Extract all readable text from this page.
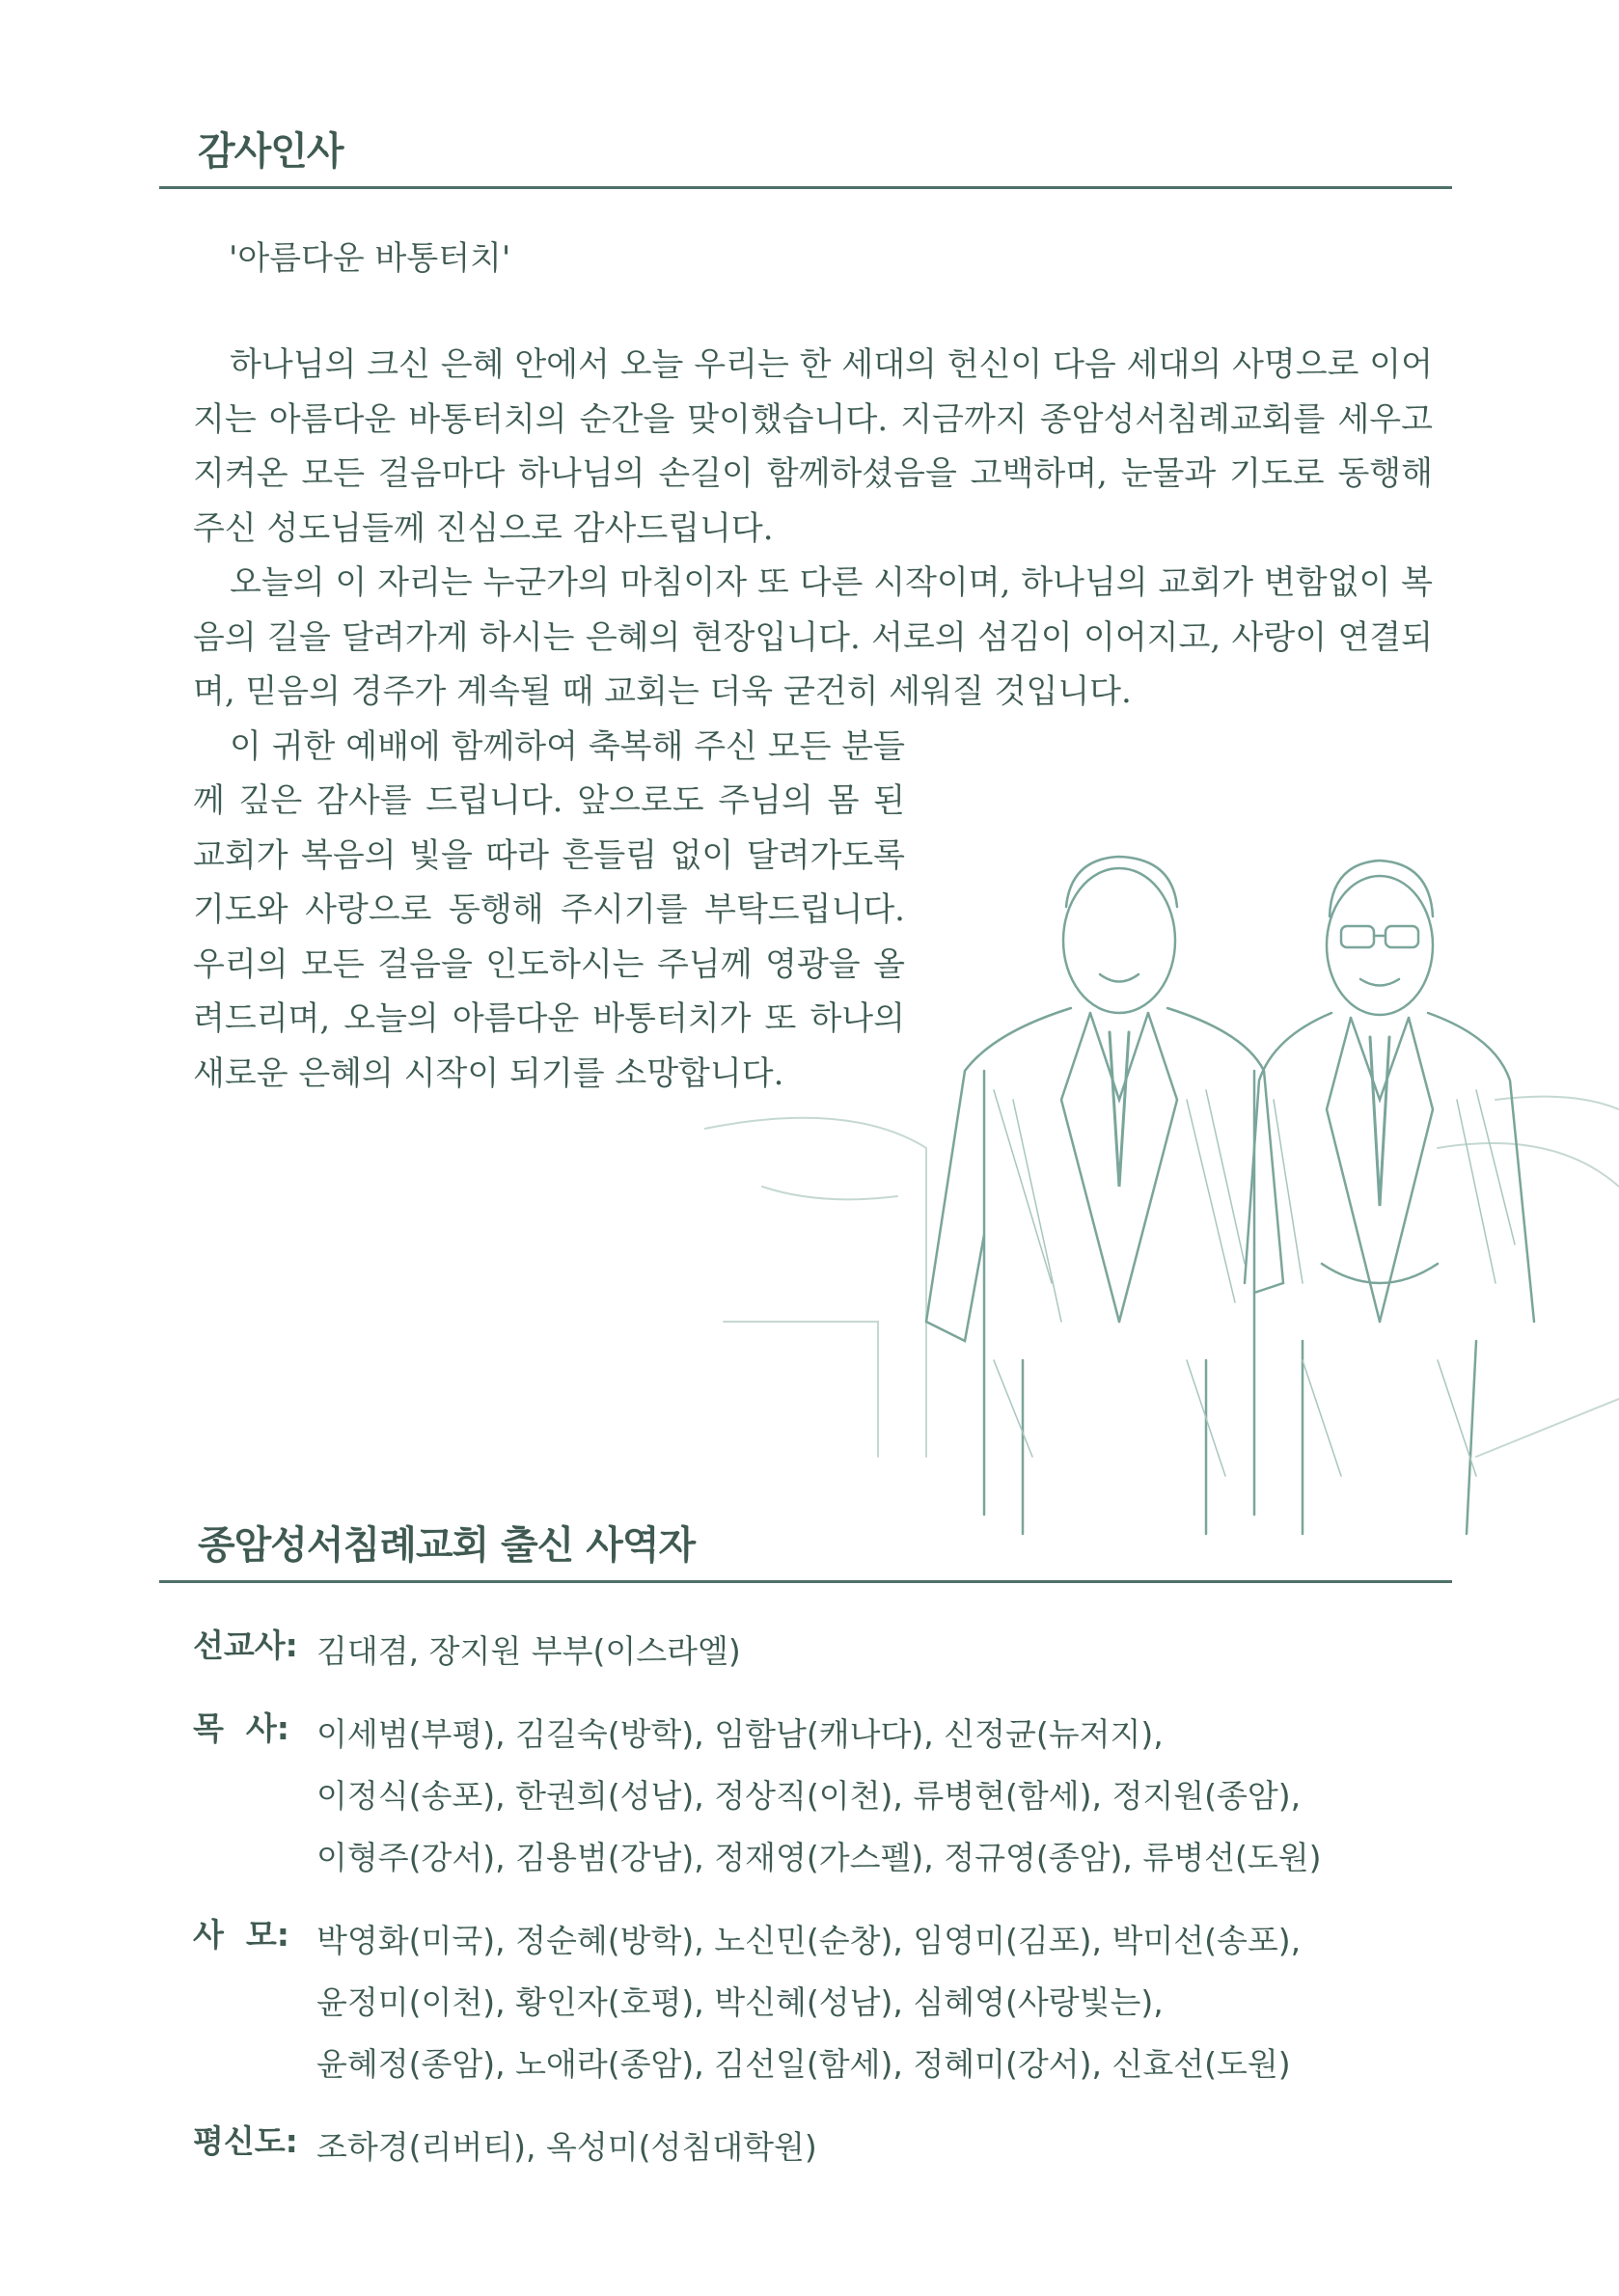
감사인사
'아름다운 바통터치'

하나님의 크신 은혜 안에서 오늘 우리는 한 세대의 헌신이 다음 세대의 사명으로 이어지는 아름다운 바통터치의 순간을 맞이했습니다. 지금까지 종암성서침례교회를 세우고 지켜온 모든 걸음마다 하나님의 손길이 함께하셨음을 고백하며, 눈물과 기도로 동행해 주신 성도님들께 진심으로 감사드립니다.

오늘의 이 자리는 누군가의 마침이자 또 다른 시작이며, 하나님의 교회가 변함없이 복음의 길을 달려가게 하시는 은혜의 현장입니다. 서로의 섬김이 이어지고, 사랑이 연결되며, 믿음의 경주가 계속될 때 교회는 더욱 굳건히 세워질 것입니다.

이 귀한 예배에 함께하여 축복해 주신 모든 분들께 깊은 감사를 드립니다. 앞으로도 주님의 몸 된 교회가 복음의 빛을 따라 흔들림 없이 달려가도록 기도와 사랑으로 동행해 주시기를 부탁드립니다. 우리의 모든 걸음을 인도하시는 주님께 영광을 올려드리며, 오늘의 아름다운 바통터치가 또 하나의 새로운 은혜의 시작이 되기를 소망합니다.

종암성서침례교회 출신 사역자
선교사: 김대겸, 장지원 부부(이스라엘)
목  사: 이세범(부평), 김길숙(방학), 임함남(캐나다), 신정균(뉴저지),
이정식(송포), 한권희(성남), 정상직(이천), 류병현(함세), 정지원(종암),
이형주(강서), 김용범(강남), 정재영(가스펠), 정규영(종암), 류병선(도원)
사  모: 박영화(미국), 정순혜(방학), 노신민(순창), 임영미(김포), 박미선(송포),
윤정미(이천), 황인자(호평), 박신혜(성남), 심혜영(사랑빛는),
윤혜정(종암), 노애라(종암), 김선일(함세), 정혜미(강서), 신효선(도원)
평신도: 조하경(리버티), 옥성미(성침대학원)
